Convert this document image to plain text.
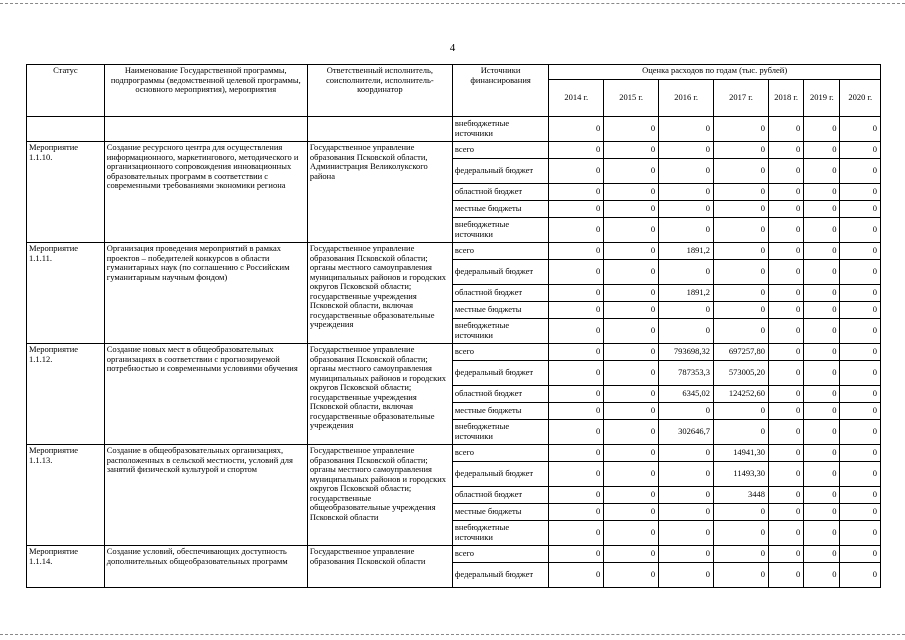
4
Статус	Наименование Государственной программы, подпрограммы (ведомственной целевой программы, основного мероприятия), мероприятия	Ответственный исполнитель, соисполнители, исполнитель-координатор	Источники финансирования	Оценка расходов по годам (тыс. рублей)						
				2014 г.	2015 г.	2016 г.	2017 г.	2018 г.	2019 г.	2020 г.
			внебюджетные источники	0	0	0	0	0	0	0
Мероприятие 1.1.10.	Создание ресурсного центра для осуществления информационного, маркетингового, методического и организационного сопровождения инновационных образовательных программ в соответствии с современными требованиями экономики региона	Государственное управление образования Псковской области, Администрация Великолукского района	всего	0	0	0	0	0	0	0
			федеральный бюджет	0	0	0	0	0	0	0
			областной бюджет	0	0	0	0	0	0	0
			местные бюджеты	0	0	0	0	0	0	0
			внебюджетные источники	0	0	0	0	0	0	0
Мероприятие 1.1.11.	Организация проведения мероприятий в рамках проектов – победителей конкурсов в области гуманитарных наук (по соглашению с Российским гуманитарным научным фондом)	Государственное управление образования Псковской области; органы местного самоуправления муниципальных районов и городских округов Псковской области; государственные учреждения Псковской области, включая государственные образовательные учреждения	всего	0	0	1891,2	0	0	0	0
			федеральный бюджет	0	0	0	0	0	0	0
			областной бюджет	0	0	1891,2	0	0	0	0
			местные бюджеты	0	0	0	0	0	0	0
			внебюджетные источники	0	0	0	0	0	0	0
Мероприятие 1.1.12.	Создание новых мест в общеобразовательных организациях в соответствии с прогнозируемой потребностью и современными условиями обучения	Государственное управление образования Псковской области; органы местного самоуправления муниципальных районов и городских округов Псковской области; государственные учреждения Псковской области, включая государственные образовательные учреждения	всего	0	0	793698,32	697257,80	0	0	0
			федеральный бюджет	0	0	787353,3	573005,20	0	0	0
			областной бюджет	0	0	6345,02	124252,60	0	0	0
			местные бюджеты	0	0	0	0	0	0	0
			внебюджетные источники	0	0	302646,7	0	0	0	0
Мероприятие 1.1.13.	Создание в общеобразовательных организациях, расположенных в сельской местности, условий для занятий физической культурой и спортом	Государственное управление образования Псковской области; органы местного самоуправления муниципальных районов и городских округов Псковской области; государственные общеобразовательные учреждения Псковской области	всего	0	0	0	14941,30	0	0	0
			федеральный бюджет	0	0	0	11493,30	0	0	0
			областной бюджет	0	0	0	3448	0	0	0
			местные бюджеты	0	0	0	0	0	0	0
			внебюджетные источники	0	0	0	0	0	0	0
Мероприятие 1.1.14.	Создание условий, обеспечивающих доступность дополнительных общеобразовательных программ	Государственное управление образования Псковской области	всего	0	0	0	0	0	0	0
			федеральный бюджет	0	0	0	0	0	0	0
